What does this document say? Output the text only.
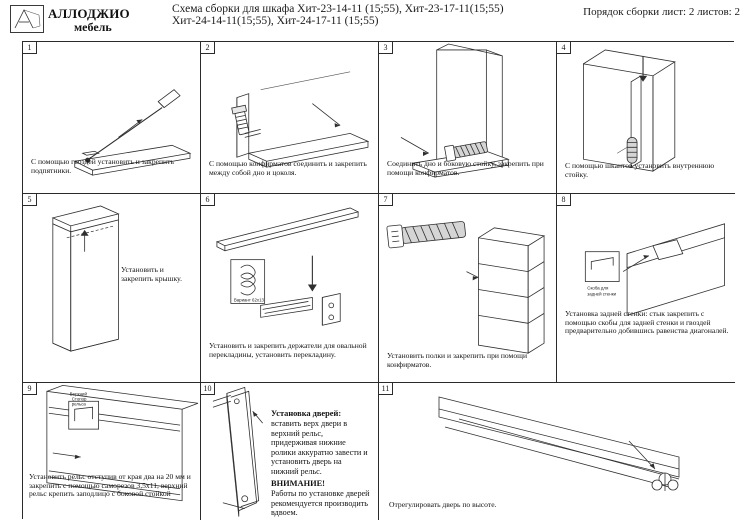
АЛЛОДЖИО
мебель
Схема сборки для шкафа Хит-23-14-11 (15;55), Хит-23-17-11(15;55)
Хит-24-14-11(15;55), Хит-24-17-11 (15;55)
Порядок сборки лист: 2 листов: 2
1
С помощью гвоздей установить и закрепить подпятники.
2
С помощью конфирматов соединить и закрепить между собой дно и цоколя.
3
Соединить дно и боковую стойку, закрепить при помощи конфирматов.
4
С помощью шкантов установить внутреннюю стойку.
5
Установить и закрепить крышку.
6
Вариант 62х13
Установить и закрепить держатели для овальной перекладины, установить перекладину.
7
Установить полки и закрепить при помощи конфирматов.
8
Скоба для
задней стенки
Установка задней стенки: стык закрепить с помощью скобы для задней стенки и гвоздей предварительно добившись равенства диагоналей.
9
Верхний
Стопор
рельса
Установить рельс отступив от края два на 20 мм и закрепить с помощью саморезов 3,5х11, верхний рельс крепить заподлицо с боковой стойкой
10
Установка дверей:
вставить верх двери в верхний рельс, придерживая нижние ролики аккуратно завести и установить дверь на нижний рельс.
ВНИМАНИЕ!
Работы по установке дверей рекомендуется производить вдвоем.
11
Отрегулировать дверь по высоте.
